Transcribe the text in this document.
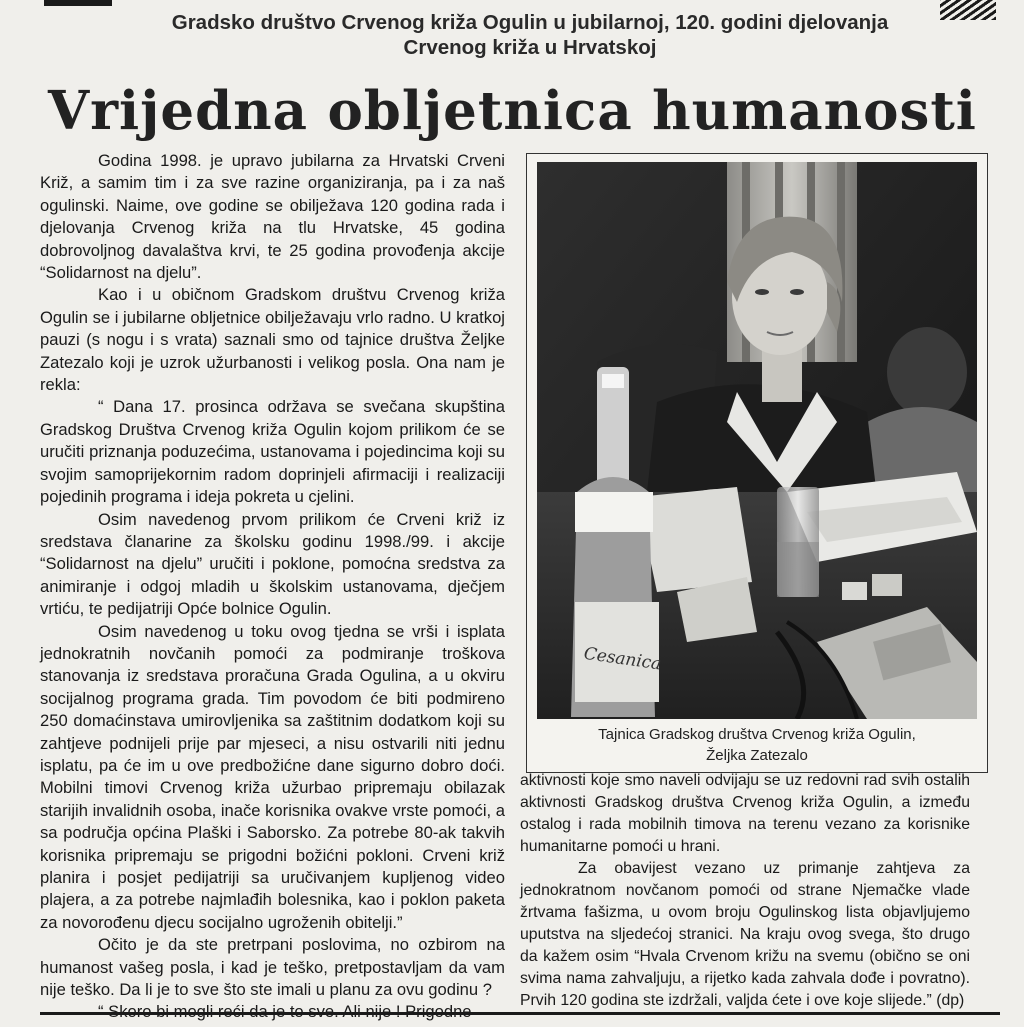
Gradsko društvo Crvenog križa Ogulin u jubilarnoj, 120. godini djelovanja
Crvenog križa u Hrvatskoj
Vrijedna obljetnica humanosti

Godina 1998. je upravo jubilarna za Hrvatski Crveni Križ, a samim tim i za sve razine organiziranja, pa i za naš ogulinski. Naime, ove godine se obilježava 120 godina rada i djelovanja Crvenog križa na tlu Hrvatske, 45 godina dobrovoljnog davalaštva krvi, te 25 godina provođenja akcije “Solidarnost na djelu”.

Kao i u običnom Gradskom društvu Crvenog križa Ogulin se i jubilarne obljetnice obilježavaju vrlo radno. U kratkoj pauzi (s nogu i s vrata) saznali smo od tajnice društva Željke Zatezalo koji je uzrok užurbanosti i velikog posla. Ona nam je rekla:

“ Dana 17. prosinca održava se svečana skupština Gradskog Društva Crvenog križa Ogulin kojom prilikom će se uručiti priznanja poduzećima, ustanovama i pojedincima koji su svojim samoprijekornim radom doprinjeli afirmaciji i realizaciji pojedinih programa i ideja pokreta u cjelini.

Osim navedenog prvom prilikom će Crveni križ iz sredstava članarine za školsku godinu 1998./99. i akcije “Solidarnost na djelu” uručiti i poklone, pomoćna sredstva za animiranje i odgoj mladih u školskim ustanovama, dječjem vrtiću, te pedijatriji Opće bolnice Ogulin.

Osim navedenog u toku ovog tjedna se vrši i isplata jednokratnih novčanih pomoći za podmiranje troškova stanovanja iz sredstava proračuna Grada Ogulina, a u okviru socijalnog programa grada. Tim povodom će biti podmireno 250 domaćinstava umirovljenika sa zaštitnim dodatkom koji su zahtjeve podnijeli prije par mjeseci, a nisu ostvarili niti jednu isplatu, pa će im u ove predbožićne dane sigurno dobro doći. Mobilni timovi Crvenog križa užurbao pripremaju obilazak starijih invalidnih osoba, inače korisnika ovakve vrste pomoći, a sa područja općina Plaški i Saborsko. Za potrebe 80-ak takvih korisnika pripremaju se prigodni božićni pokloni. Crveni križ planira i posjet pedijatriji sa uručivanjem kupljenog video plajera, a za potrebe najmlađih bolesnika, kao i poklon paketa za novorođenu djecu socijalno ugroženih obitelji.”

Očito je da ste pretrpani poslovima, no ozbirom na humanost vašeg posla, i kad je teško, pretpostavljam da vam nije teško. Da li je to sve što ste imali u planu za ovu godinu ?

Cesanica
Tajnica Gradskog društva Crvenog križa Ogulin,
Željka Zatezalo

aktivnosti koje smo naveli odvijaju se uz redovni rad svih ostalih aktivnosti Gradskog društva Crvenog križa Ogulin, a između ostalog i rada mobilnih timova na terenu vezano za korisnike humanitarne pomoći u hrani.

Za obavijest vezano uz primanje zahtjeva za jednokratnom novčanom pomoći od strane Njemačke vlade žrtvama fašizma, u ovom broju Ogulinskog lista objavljujemo uputstva na sljedećoj stranici. Na kraju ovog svega, što drugo da kažem osim “Hvala Crvenom križu na svemu (obično se oni svima nama zahvaljuju, a rijetko kada zahvala dođe i povratno). Prvih 120 godina ste izdržali, valjda ćete i ove koje slijede.” (dp)
